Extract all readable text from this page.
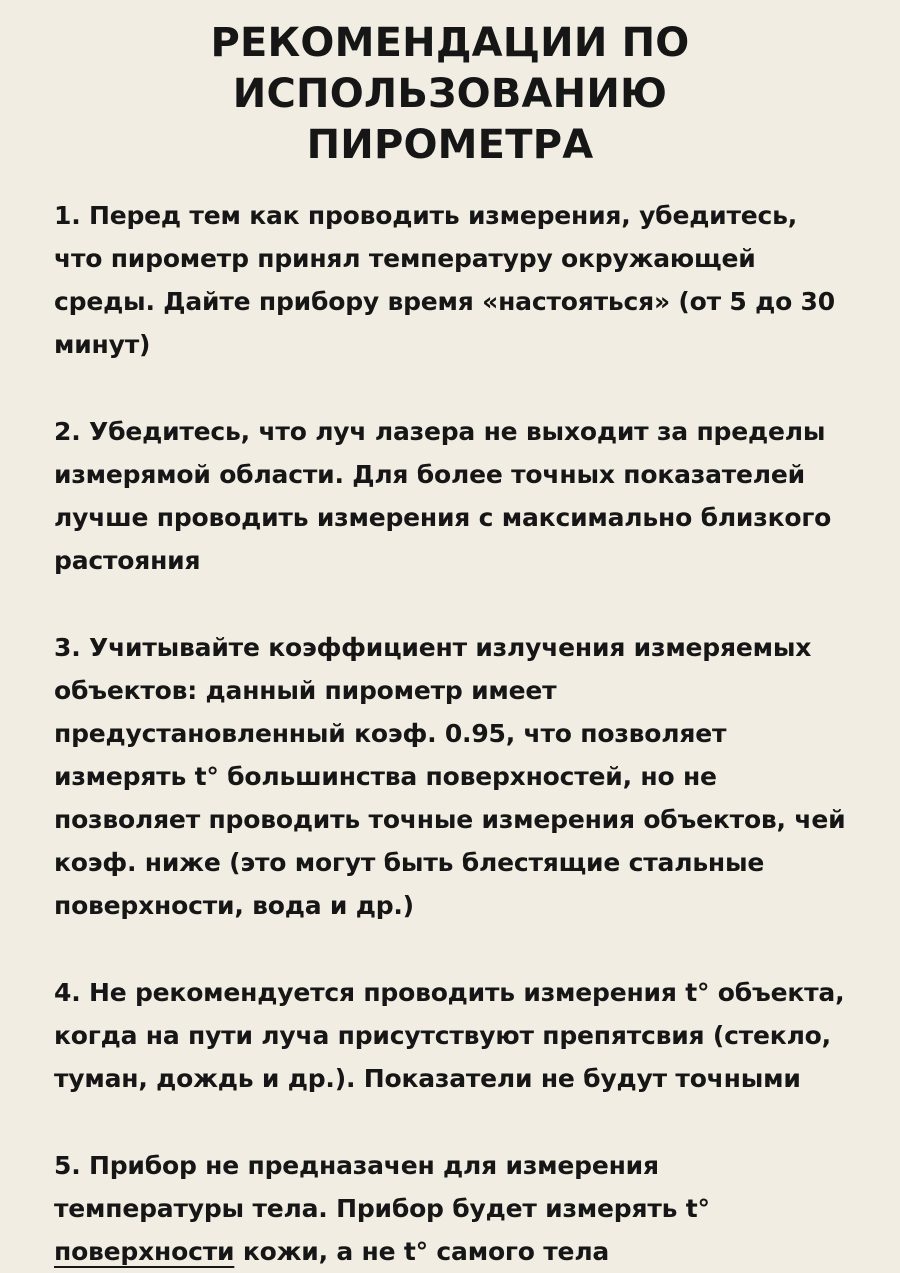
РЕКОМЕНДАЦИИ ПО ИСПОЛЬЗОВАНИЮ
ПИРОМЕТРА

1. Перед тем как проводить измерения, убедитесь, что пирометр принял температуру окружающей среды. Дайте прибору время «настояться» (от 5 до 30 минут)

2. Убедитесь, что луч лазера не выходит за пределы измерямой области. Для более точных показателей лучше проводить измерения с максимально близкого растояния

3. Учитывайте коэффициент излучения измеряемых объектов: данный пирометр имеет предустановленный коэф. 0.95, что позволяет измерять t° большинства поверхностей, но не позволяет проводить точные измерения объектов, чей коэф. ниже (это могут быть блестящие стальные поверхности, вода и др.)

4. Не рекомендуется проводить измерения t° объекта, когда на пути луча присутствуют препятсвия (стекло, туман, дождь и др.). Показатели не будут точными

5. Прибор не предназачен для измерения температуры тела. Прибор будет измерять t° поверхности кожи, а не t° самого тела
